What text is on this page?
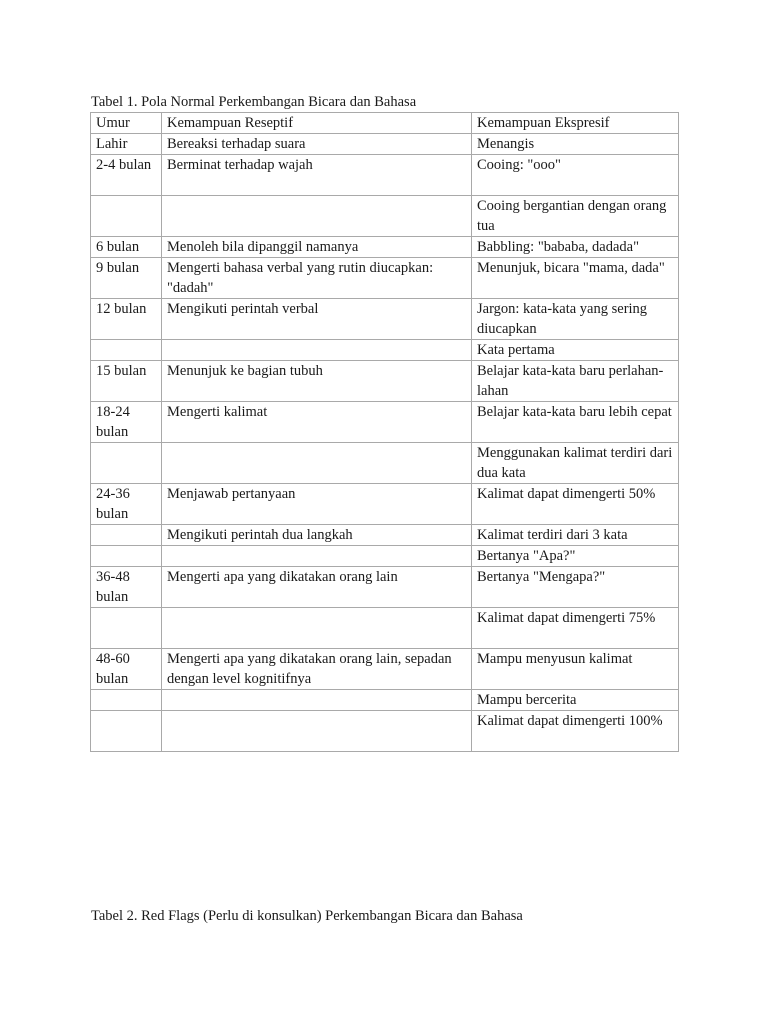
Tabel 1. Pola Normal Perkembangan Bicara dan Bahasa
Umur	Kemampuan Reseptif	Kemampuan Ekspresif
Lahir	Bereaksi terhadap suara	Menangis
2-4 bulan	Berminat terhadap wajah	Cooing: "ooo"
		Cooing bergantian dengan orang tua
6 bulan	Menoleh bila dipanggil namanya	Babbling: "bababa, dadada"
9 bulan	Mengerti bahasa verbal yang rutin diucapkan: "dadah"	Menunjuk, bicara "mama, dada"
12 bulan	Mengikuti perintah verbal	Jargon: kata-kata yang sering diucapkan
		Kata pertama
15 bulan	Menunjuk ke bagian tubuh	Belajar kata-kata baru perlahan-lahan
18-24 bulan	Mengerti kalimat	Belajar kata-kata baru lebih cepat
		Menggunakan kalimat terdiri dari dua kata
24-36 bulan	Menjawab pertanyaan	Kalimat dapat dimengerti 50%
	Mengikuti perintah dua langkah	Kalimat terdiri dari 3 kata
		Bertanya "Apa?"
36-48 bulan	Mengerti apa yang dikatakan orang lain	Bertanya "Mengapa?"
		Kalimat dapat dimengerti 75%
48-60 bulan	Mengerti apa yang dikatakan orang lain, sepadan dengan level kognitifnya	Mampu menyusun kalimat
		Mampu bercerita
		Kalimat dapat dimengerti 100%
Tabel 2. Red Flags (Perlu di konsulkan) Perkembangan Bicara dan Bahasa
